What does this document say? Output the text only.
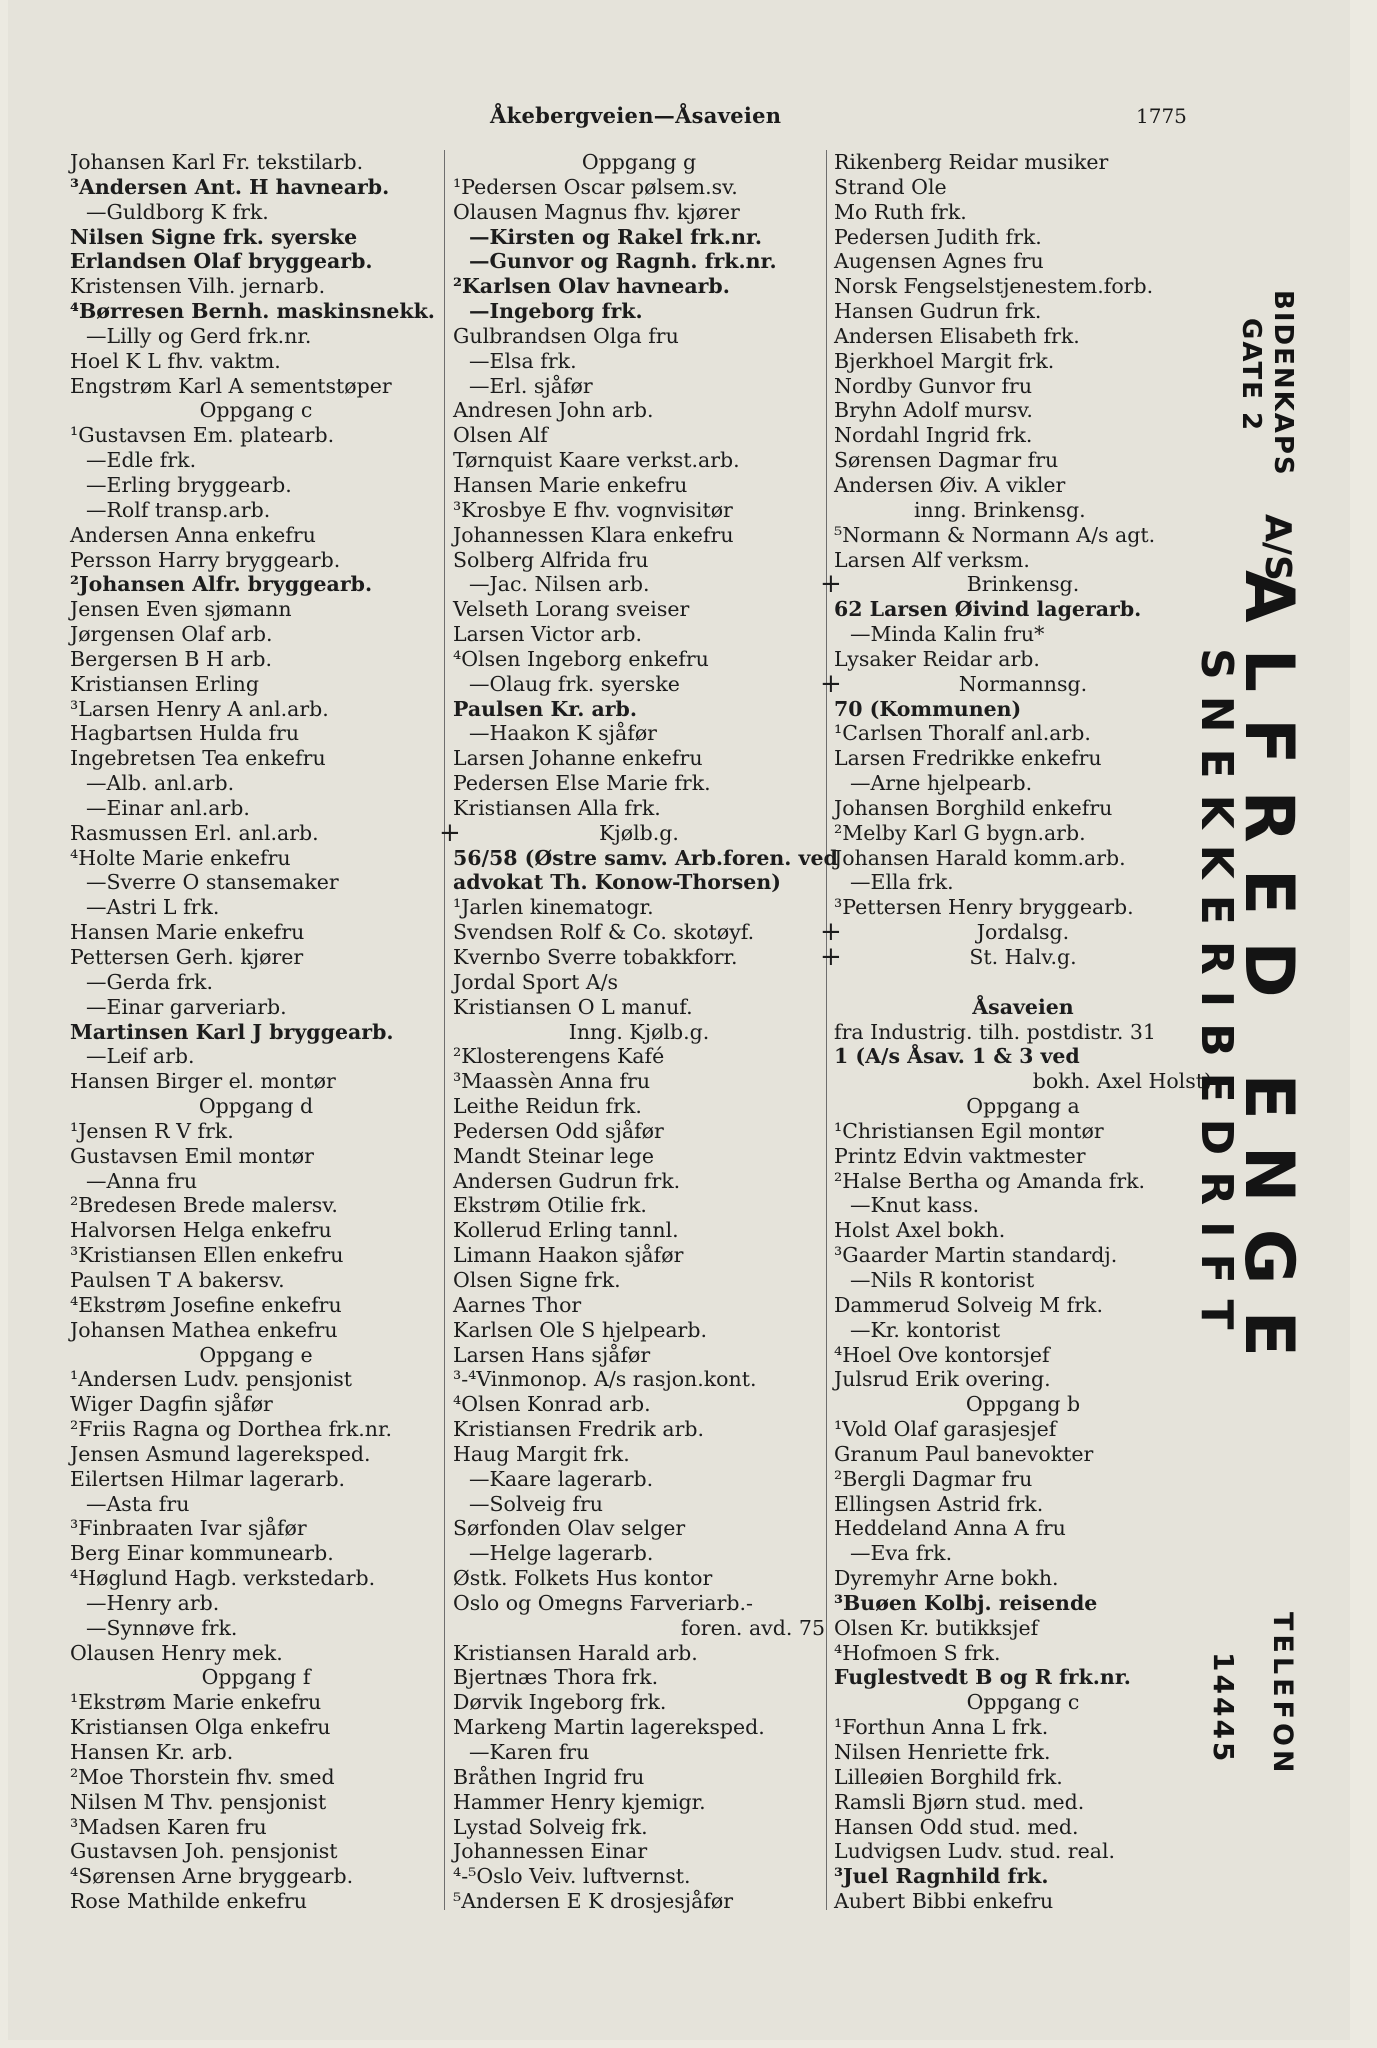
Åkebergveien—Åsaveien	1775
Johansen Karl Fr. tekstilarb.
³Andersen Ant. H havnearb.
—Guldborg K frk.
Nilsen Signe frk. syerske
Erlandsen Olaf bryggearb.
Kristensen Vilh. jernarb.
⁴Børresen Bernh. maskinsnekk.
—Lilly og Gerd frk.nr.
Hoel K L fhv. vaktm.
Engstrøm Karl A sementstøper
Oppgang c
¹Gustavsen Em. platearb.
—Edle frk.
—Erling bryggearb.
—Rolf transp.arb.
Andersen Anna enkefru
Persson Harry bryggearb.
²Johansen Alfr. bryggearb.
Jensen Even sjømann
Jørgensen Olaf arb.
Bergersen B H arb.
Kristiansen Erling
³Larsen Henry A anl.arb.
Hagbartsen Hulda fru
Ingebretsen Tea enkefru
—Alb. anl.arb.
—Einar anl.arb.
Rasmussen Erl. anl.arb.
⁴Holte Marie enkefru
—Sverre O stansemaker
—Astri L frk.
Hansen Marie enkefru
Pettersen Gerh. kjører
—Gerda frk.
—Einar garveriarb.
Martinsen Karl J bryggearb.
—Leif arb.
Hansen Birger el. montør
Oppgang d
¹Jensen R V frk.
Gustavsen Emil montør
—Anna fru
²Bredesen Brede malersv.
Halvorsen Helga enkefru
³Kristiansen Ellen enkefru
Paulsen T A bakersv.
⁴Ekstrøm Josefine enkefru
Johansen Mathea enkefru
Oppgang e
¹Andersen Ludv. pensjonist
Wiger Dagfin sjåfør
²Friis Ragna og Dorthea frk.nr.
Jensen Asmund lagereksped.
Eilertsen Hilmar lagerarb.
—Asta fru
³Finbraaten Ivar sjåfør
Berg Einar kommunearb.
⁴Høglund Hagb. verkstedarb.
—Henry arb.
—Synnøve frk.
Olausen Henry mek.
Oppgang f
¹Ekstrøm Marie enkefru
Kristiansen Olga enkefru
Hansen Kr. arb.
²Moe Thorstein fhv. smed
Nilsen M Thv. pensjonist
³Madsen Karen fru
Gustavsen Joh. pensjonist
⁴Sørensen Arne bryggearb.
Rose Mathilde enkefru
Oppgang g
¹Pedersen Oscar pølsem.sv.
Olausen Magnus fhv. kjører
—Kirsten og Rakel frk.nr.
—Gunvor og Ragnh. frk.nr.
²Karlsen Olav havnearb.
—Ingeborg frk.
Gulbrandsen Olga fru
—Elsa frk.
—Erl. sjåfør
Andresen John arb.
Olsen Alf
Tørnquist Kaare verkst.arb.
Hansen Marie enkefru
³Krosbye E fhv. vognvisitør
Johannessen Klara enkefru
Solberg Alfrida fru
—Jac. Nilsen arb.
Velseth Lorang sveiser
Larsen Victor arb.
⁴Olsen Ingeborg enkefru
—Olaug frk. syerske
Paulsen Kr. arb.
—Haakon K sjåfør
Larsen Johanne enkefru
Pedersen Else Marie frk.
Kristiansen Alla frk.
+	Kjølb.g.
56/58 (Østre samv. Arb.foren. ved
advokat Th. Konow-Thorsen)
¹Jarlen kinematogr.
Svendsen Rolf & Co. skotøyf.
Kvernbo Sverre tobakkforr.
Jordal Sport A/s
Kristiansen O L manuf.
Inng. Kjølb.g.
²Klosterengens Kafé
³Maassèn Anna fru
Leithe Reidun frk.
Pedersen Odd sjåfør
Mandt Steinar lege
Andersen Gudrun frk.
Ekstrøm Otilie frk.
Kollerud Erling tannl.
Limann Haakon sjåfør
Olsen Signe frk.
Aarnes Thor
Karlsen Ole S hjelpearb.
Larsen Hans sjåfør
³-⁴Vinmonop. A/s rasjon.kont.
⁴Olsen Konrad arb.
Kristiansen Fredrik arb.
Haug Margit frk.
—Kaare lagerarb.
—Solveig fru
Sørfonden Olav selger
—Helge lagerarb.
Østk. Folkets Hus kontor
Oslo og Omegns Farveriarb.-
foren. avd. 75
Kristiansen Harald arb.
Bjertnæs Thora frk.
Dørvik Ingeborg frk.
Markeng Martin lagereksped.
—Karen fru
Bråthen Ingrid fru
Hammer Henry kjemigr.
Lystad Solveig frk.
Johannessen Einar
⁴-⁵Oslo Veiv. luftvernst.
⁵Andersen E K drosjesjåfør
Rikenberg Reidar musiker
Strand Ole
Mo Ruth frk.
Pedersen Judith frk.
Augensen Agnes fru
Norsk Fengselstjenestem.forb.
Hansen Gudrun frk.
Andersen Elisabeth frk.
Bjerkhoel Margit frk.
Nordby Gunvor fru
Bryhn Adolf mursv.
Nordahl Ingrid frk.
Sørensen Dagmar fru
Andersen Øiv. A vikler
inng. Brinkensg.
⁵Normann & Normann A/s agt.
Larsen Alf verksm.
+	Brinkensg.
62 Larsen Øivind lagerarb.
—Minda Kalin fru*
Lysaker Reidar arb.
+	Normannsg.
70 (Kommunen)
¹Carlsen Thoralf anl.arb.
Larsen Fredrikke enkefru
—Arne hjelpearb.
Johansen Borghild enkefru
²Melby Karl G bygn.arb.
Johansen Harald komm.arb.
—Ella frk.
³Pettersen Henry bryggearb.
+	Jordalsg.
+	St. Halv.g.
Åsaveien
fra Industrig. tilh. postdistr. 31
1 (A/s Åsav. 1 & 3 ved
bokh. Axel Holst)
Oppgang a
¹Christiansen Egil montør
Printz Edvin vaktmester
²Halse Bertha og Amanda frk.
—Knut kass.
Holst Axel bokh.
³Gaarder Martin standardj.
—Nils R kontorist
Dammerud Solveig M frk.
—Kr. kontorist
⁴Hoel Ove kontorsjef
Julsrud Erik overing.
Oppgang b
¹Vold Olaf garasjesjef
Granum Paul banevokter
²Bergli Dagmar fru
Ellingsen Astrid frk.
Heddeland Anna A fru
—Eva frk.
Dyremyhr Arne bokh.
³Buøen Kolbj. reisende
Olsen Kr. butikksjef
⁴Hofmoen S frk.
Fuglestvedt B og R frk.nr.
Oppgang c
¹Forthun Anna L frk.
Nilsen Henriette frk.
Lilleøien Borghild frk.
Ramsli Bjørn stud. med.
Hansen Odd stud. med.
Ludvigsen Ludv. stud. real.
³Juel Ragnhild frk.
Aubert Bibbi enkefru
BIDENKAPS
GATE 2
A/S
ALFRED ENGE
SNEKKERIBEDRIFT
TELEFON
14445
